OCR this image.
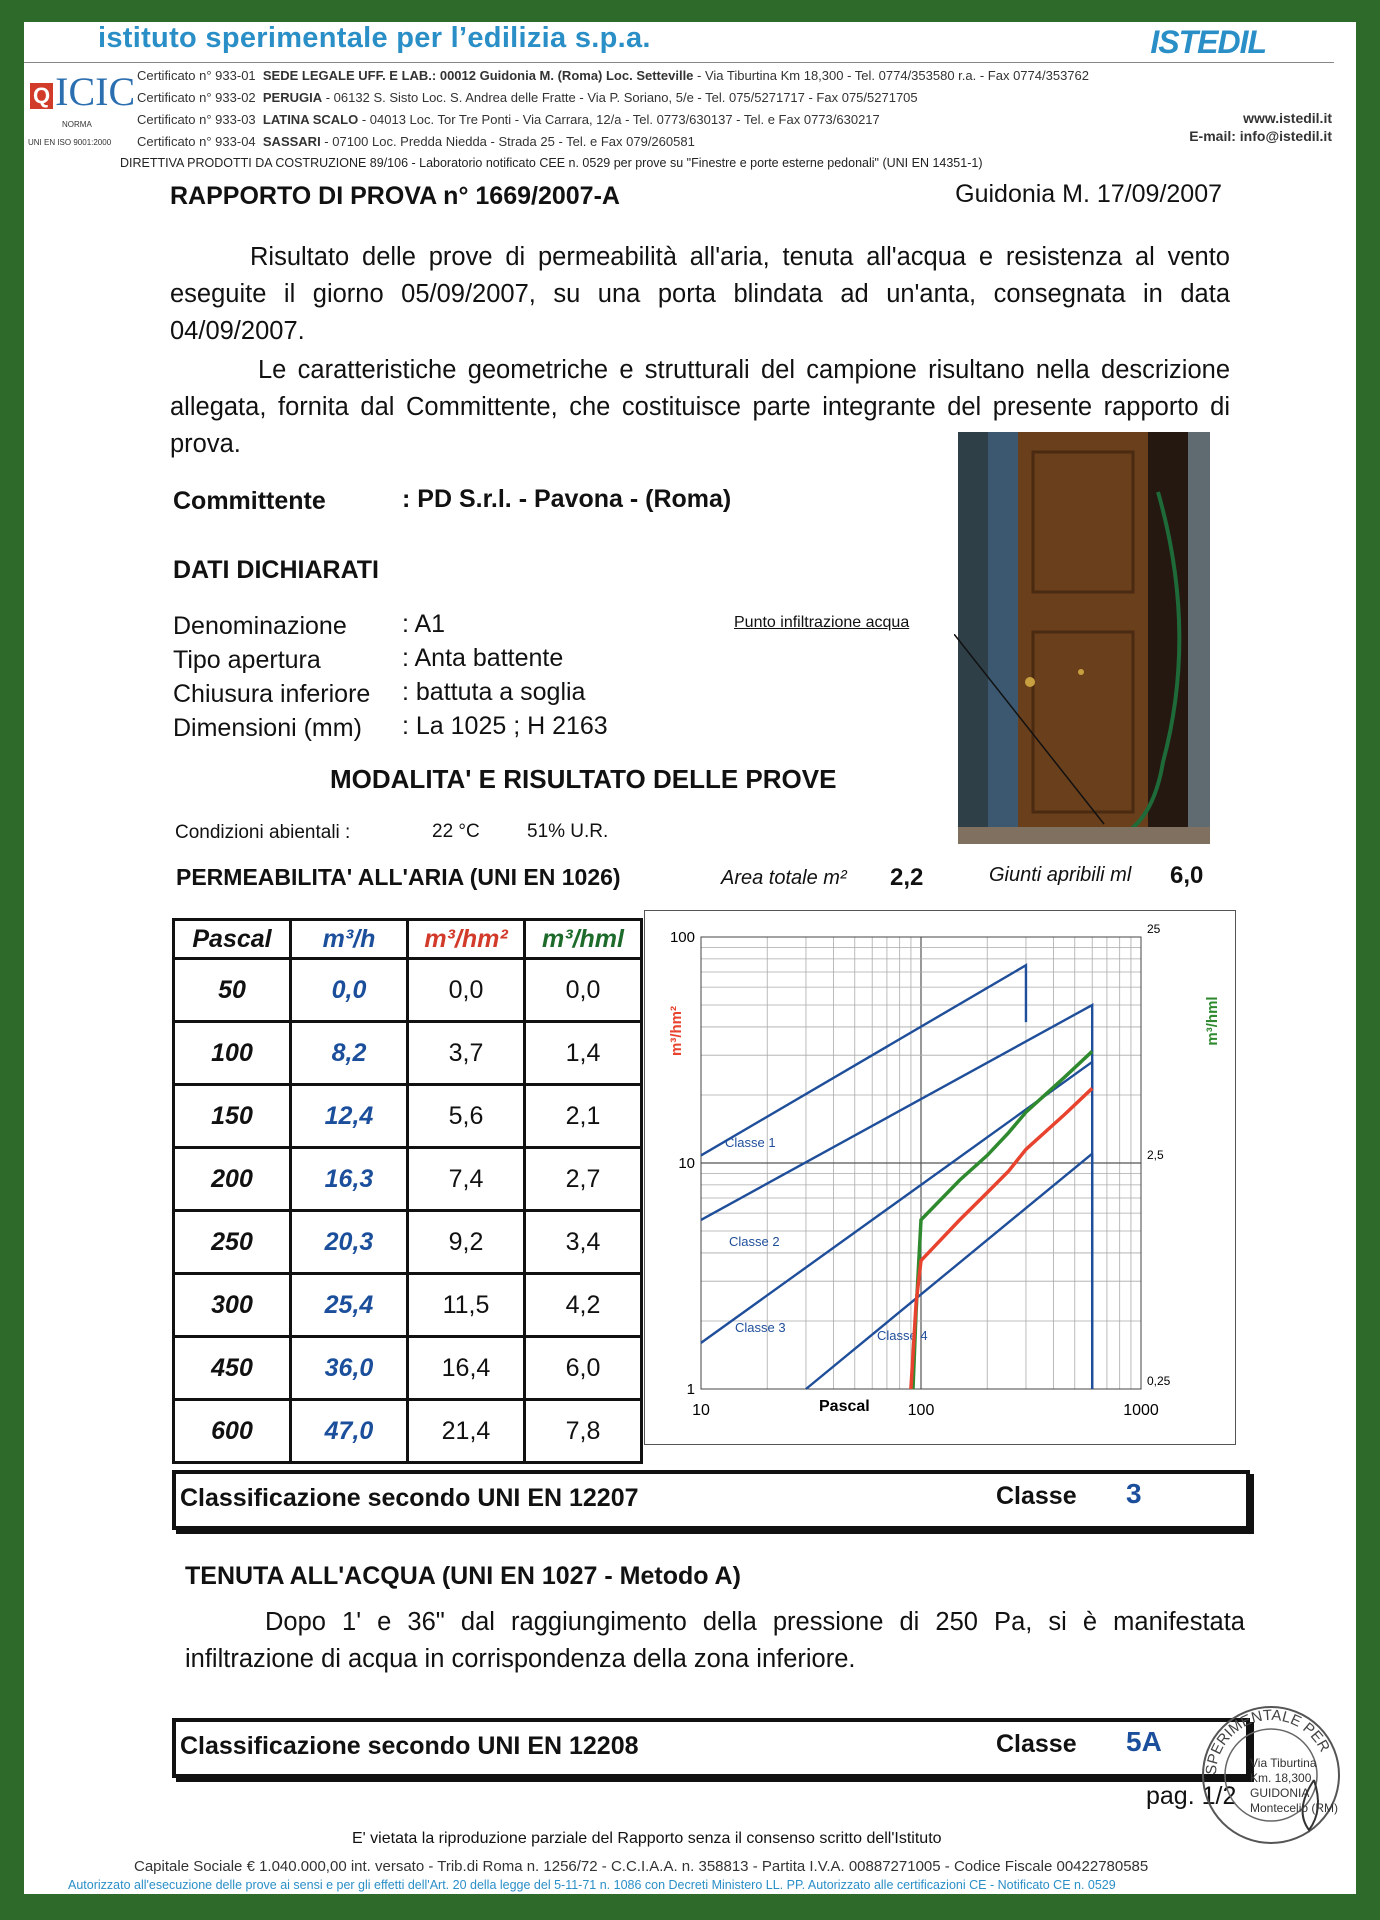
istituto sperimentale per l’edilizia s.p.a.	ISTEDIL
Q ICIC
NORMA
UNI EN ISO 9001:2000
Certificato n° 933-01 SEDE LEGALE UFF. E LAB.: 00012 Guidonia M. (Roma) Loc. Setteville - Via Tiburtina Km 18,300 - Tel. 0774/353580 r.a. - Fax 0774/353762
Certificato n° 933-02 PERUGIA - 06132 S. Sisto Loc. S. Andrea delle Fratte - Via P. Soriano, 5/e - Tel. 075/5271717 - Fax 075/5271705
Certificato n° 933-03 LATINA SCALO - 04013 Loc. Tor Tre Ponti - Via Carrara, 12/a - Tel. 0773/630137 - Tel. e Fax 0773/630217
Certificato n° 933-04 SASSARI - 07100 Loc. Predda Niedda - Strada 25 - Tel. e Fax 079/260581
www.istedil.it
E-mail: info@istedil.it
DIRETTIVA PRODOTTI DA COSTRUZIONE 89/106 - Laboratorio notificato CEE n. 0529 per prove su "Finestre e porte esterne pedonali" (UNI EN 14351-1)
RAPPORTO DI PROVA n° 1669/2007-A	Guidonia M. 17/09/2007
Risultato delle prove di permeabilità all'aria, tenuta all'acqua e resistenza al vento eseguite il giorno 05/09/2007, su una porta blindata ad un'anta, consegnata in data 04/09/2007.
Le caratteristiche geometriche e strutturali del campione risultano nella descrizione allegata, fornita dal Committente, che costituisce parte integrante del presente rapporto di prova.
Committente	: PD S.r.l. - Pavona - (Roma)
DATI DICHIARATI
Denominazione : A1
Tipo apertura	: Anta battente
Chiusura inferiore : battuta a soglia
Dimensioni (mm) : La 1025 ; H 2163
Punto infiltrazione acqua
MODALITA' E RISULTATO DELLE PROVE
Condizioni abientali :	22 °C 51% U.R.
PERMEABILITA' ALL'ARIA (UNI EN 1026)	Area totale m² 2,2	Giunti apribili ml 6,0
Pascal	m³/h	m³/hm²	m³/hml
50	0,0	0,0	0,0
100	8,2	3,7	1,4
150	12,4	5,6	2,1
200	16,3	7,4	2,7
250	20,3	9,2	3,4
300	25,4	11,5	4,2
450	36,0	16,4	6,0
600	47,0	21,4	7,8
Classe 1
Classe 2
Classe 3
Classe 4
10	100	1000
100
10
1
25
2,5
0,25
Pascal
m³/hm²	m³/hml
Classificazione secondo UNI EN 12207	Classe 3
TENUTA ALL'ACQUA (UNI EN 1027 - Metodo A)
Dopo 1' e 36" dal raggiungimento della pressione di 250 Pa, si è manifestata infiltrazione di acqua in corrispondenza della zona inferiore.
Classificazione secondo UNI EN 12208	Classe 5A
pag. 1/2
SPERIMENTALE PER
Via Tiburtina
Km. 18,300
GUIDONIA
Montecelio (RM)
E' vietata la riproduzione parziale del Rapporto senza il consenso scritto dell'Istituto
Capitale Sociale € 1.040.000,00 int. versato - Trib.di Roma n. 1256/72 - C.C.I.A.A. n. 358813 - Partita I.V.A. 00887271005 - Codice Fiscale 00422780585
Autorizzato all'esecuzione delle prove ai sensi e per gli effetti dell'Art. 20 della legge del 5-11-71 n. 1086 con Decreti Ministero LL. PP. Autorizzato alle certificazioni CE - Notificato CE n. 0529
